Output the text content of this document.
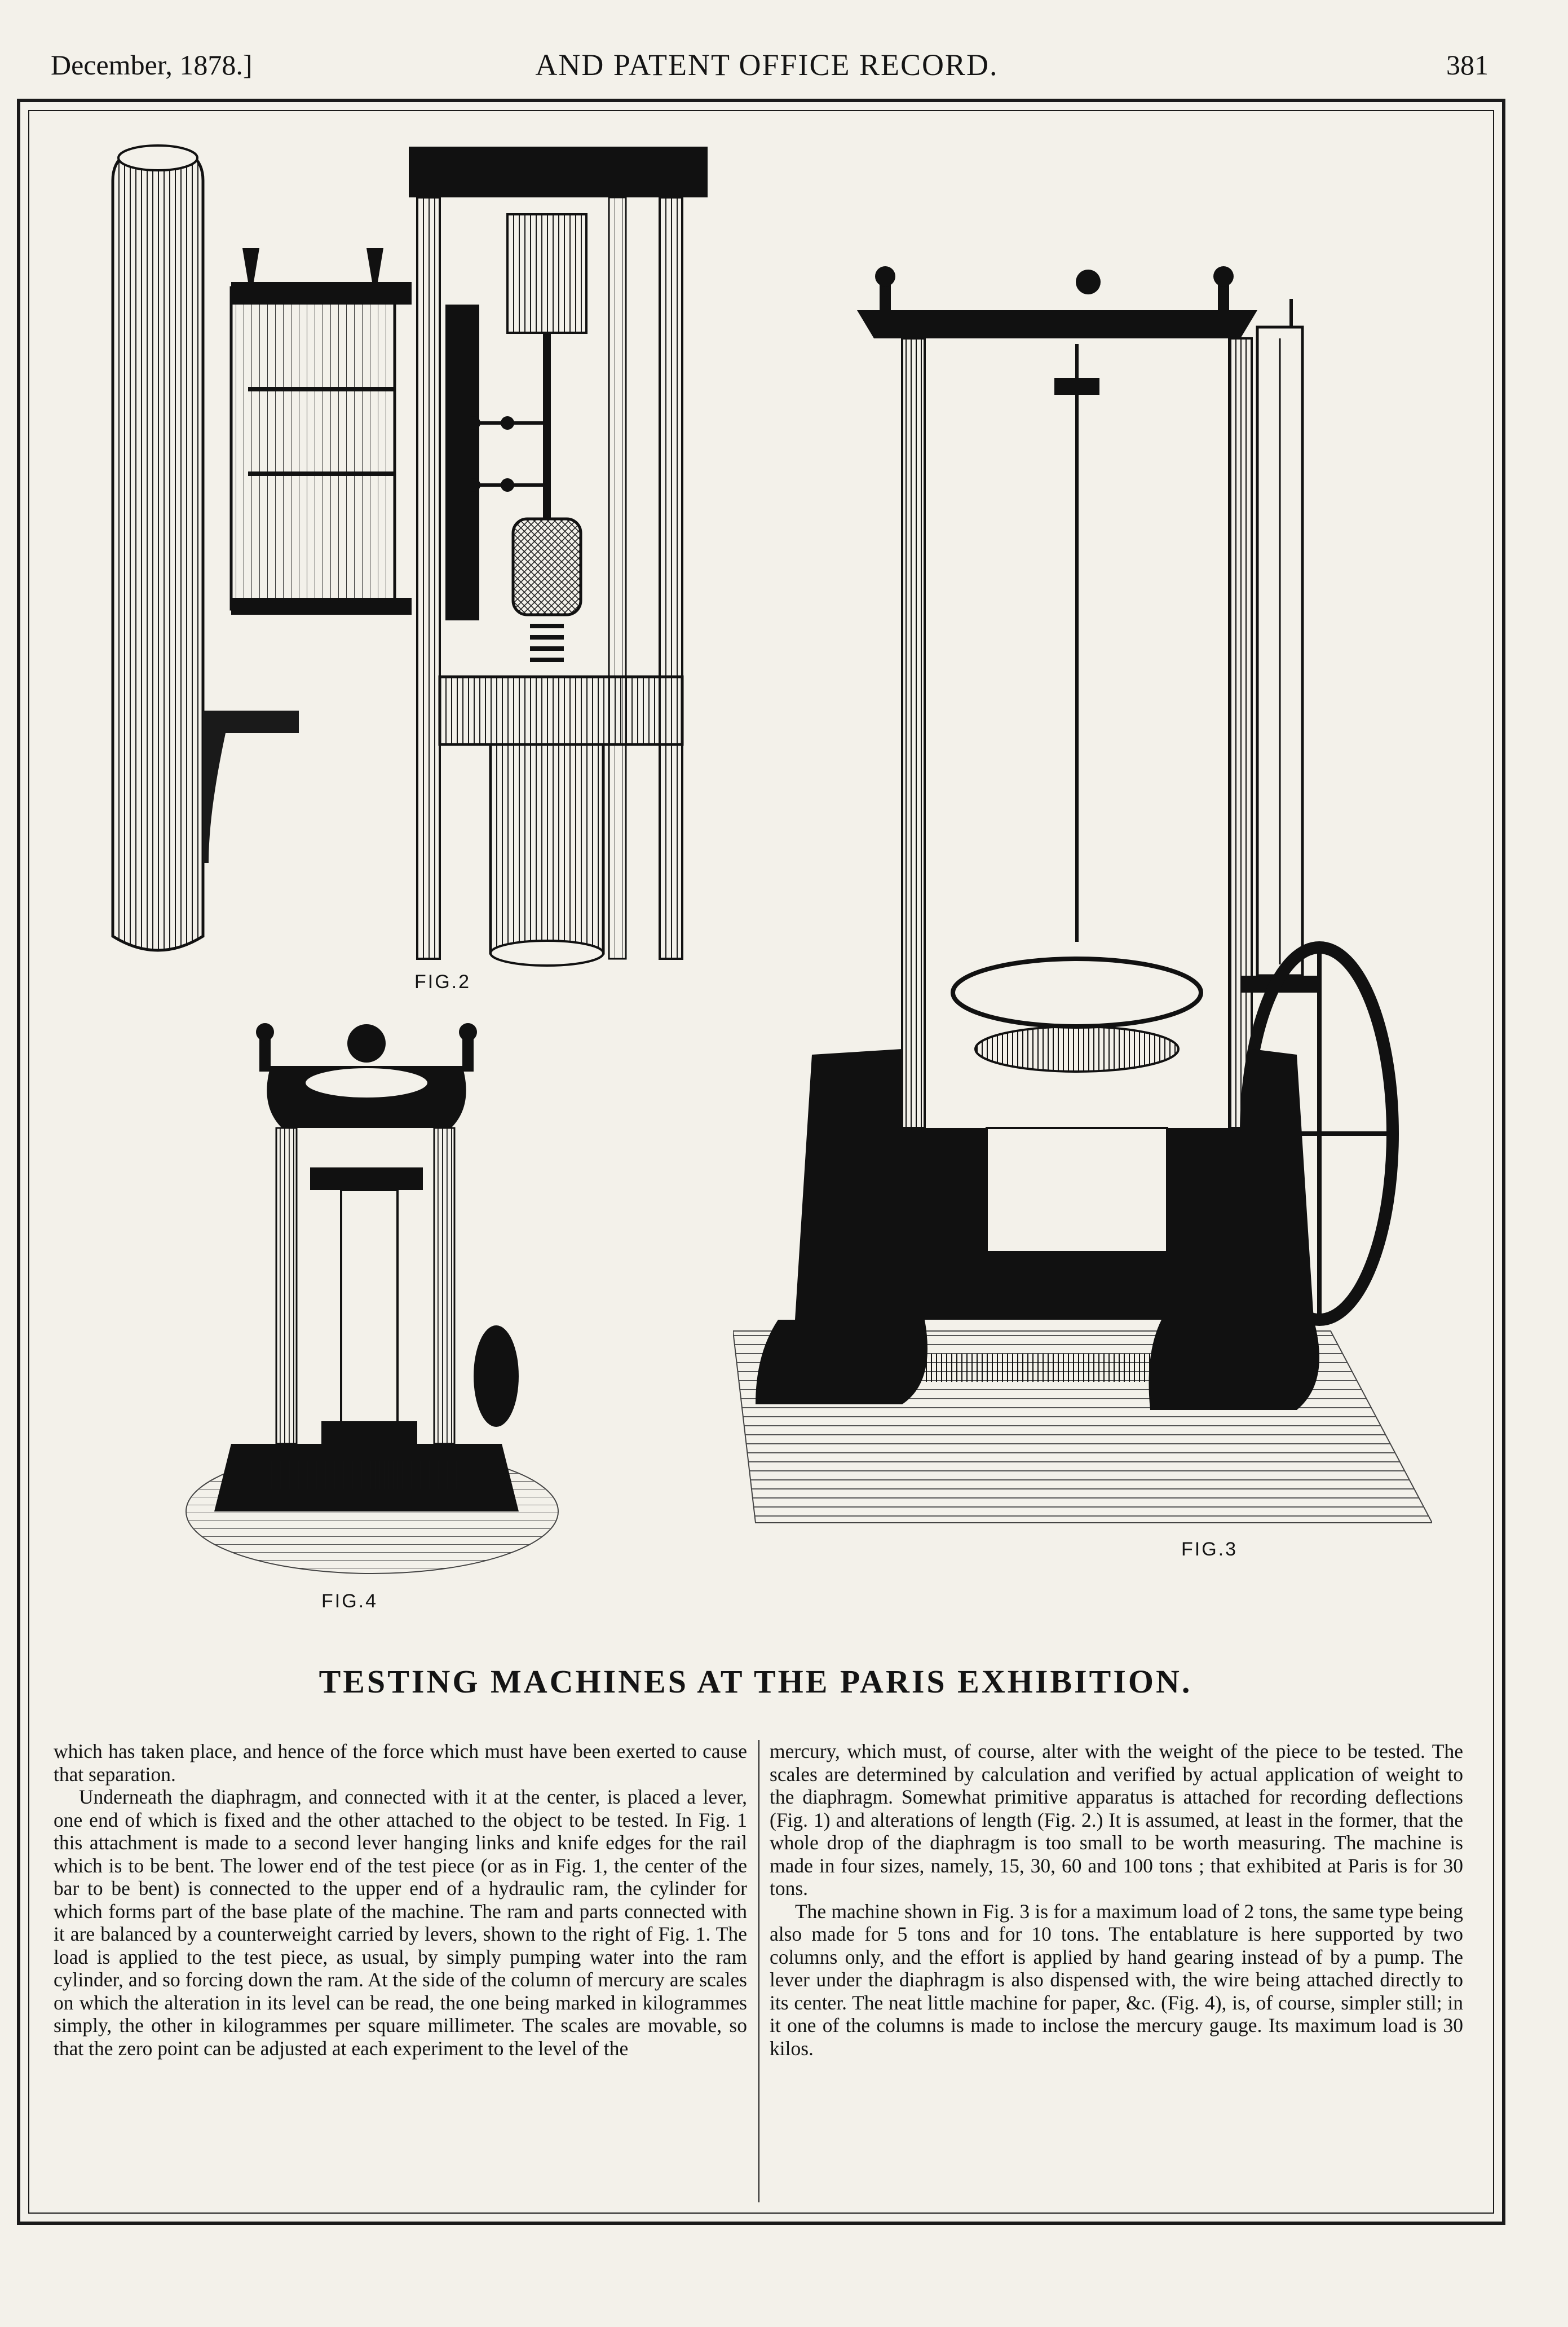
December, 1878.]	AND PATENT OFFICE RECORD.	381
FIG.2
FIG.3
FIG.4
TESTING MACHINES AT THE PARIS EXHIBITION.

which has taken place, and hence of the force which must have been exerted to cause that separation.

Underneath the diaphragm, and connected with it at the center, is placed a lever, one end of which is fixed and the other attached to the object to be tested. In Fig. 1 this attachment is made to a second lever hanging links and knife edges for the rail which is to be bent. The lower end of the test piece (or as in Fig. 1, the center of the bar to be bent) is connected to the upper end of a hydraulic ram, the cylinder for which forms part of the base plate of the machine. The ram and parts connected with it are balanced by a counterweight carried by levers, shown to the right of Fig. 1. The load is applied to the test piece, as usual, by simply pumping water into the ram cylinder, and so forcing down the ram. At the side of the column of mercury are scales on which the alteration in its level can be read, the one being marked in kilogrammes simply, the other in kilogrammes per square millimeter. The scales are movable, so that the zero point can be adjusted at each experiment to the level of the

mercury, which must, of course, alter with the weight of the piece to be tested. The scales are determined by calculation and verified by actual application of weight to the diaphragm. Somewhat primitive apparatus is attached for recording deflections (Fig. 1) and alterations of length (Fig. 2.) It is assumed, at least in the former, that the whole drop of the diaphragm is too small to be worth measuring. The machine is made in four sizes, namely, 15, 30, 60 and 100 tons ; that exhibited at Paris is for 30 tons.

The machine shown in Fig. 3 is for a maximum load of 2 tons, the same type being also made for 5 tons and for 10 tons. The entablature is here supported by two columns only, and the effort is applied by hand gearing instead of by a pump. The lever under the diaphragm is also dispensed with, the wire being attached directly to its center. The neat little machine for paper, &c. (Fig. 4), is, of course, simpler still; in it one of the columns is made to inclose the mercury gauge. Its maximum load is 30 kilos.
